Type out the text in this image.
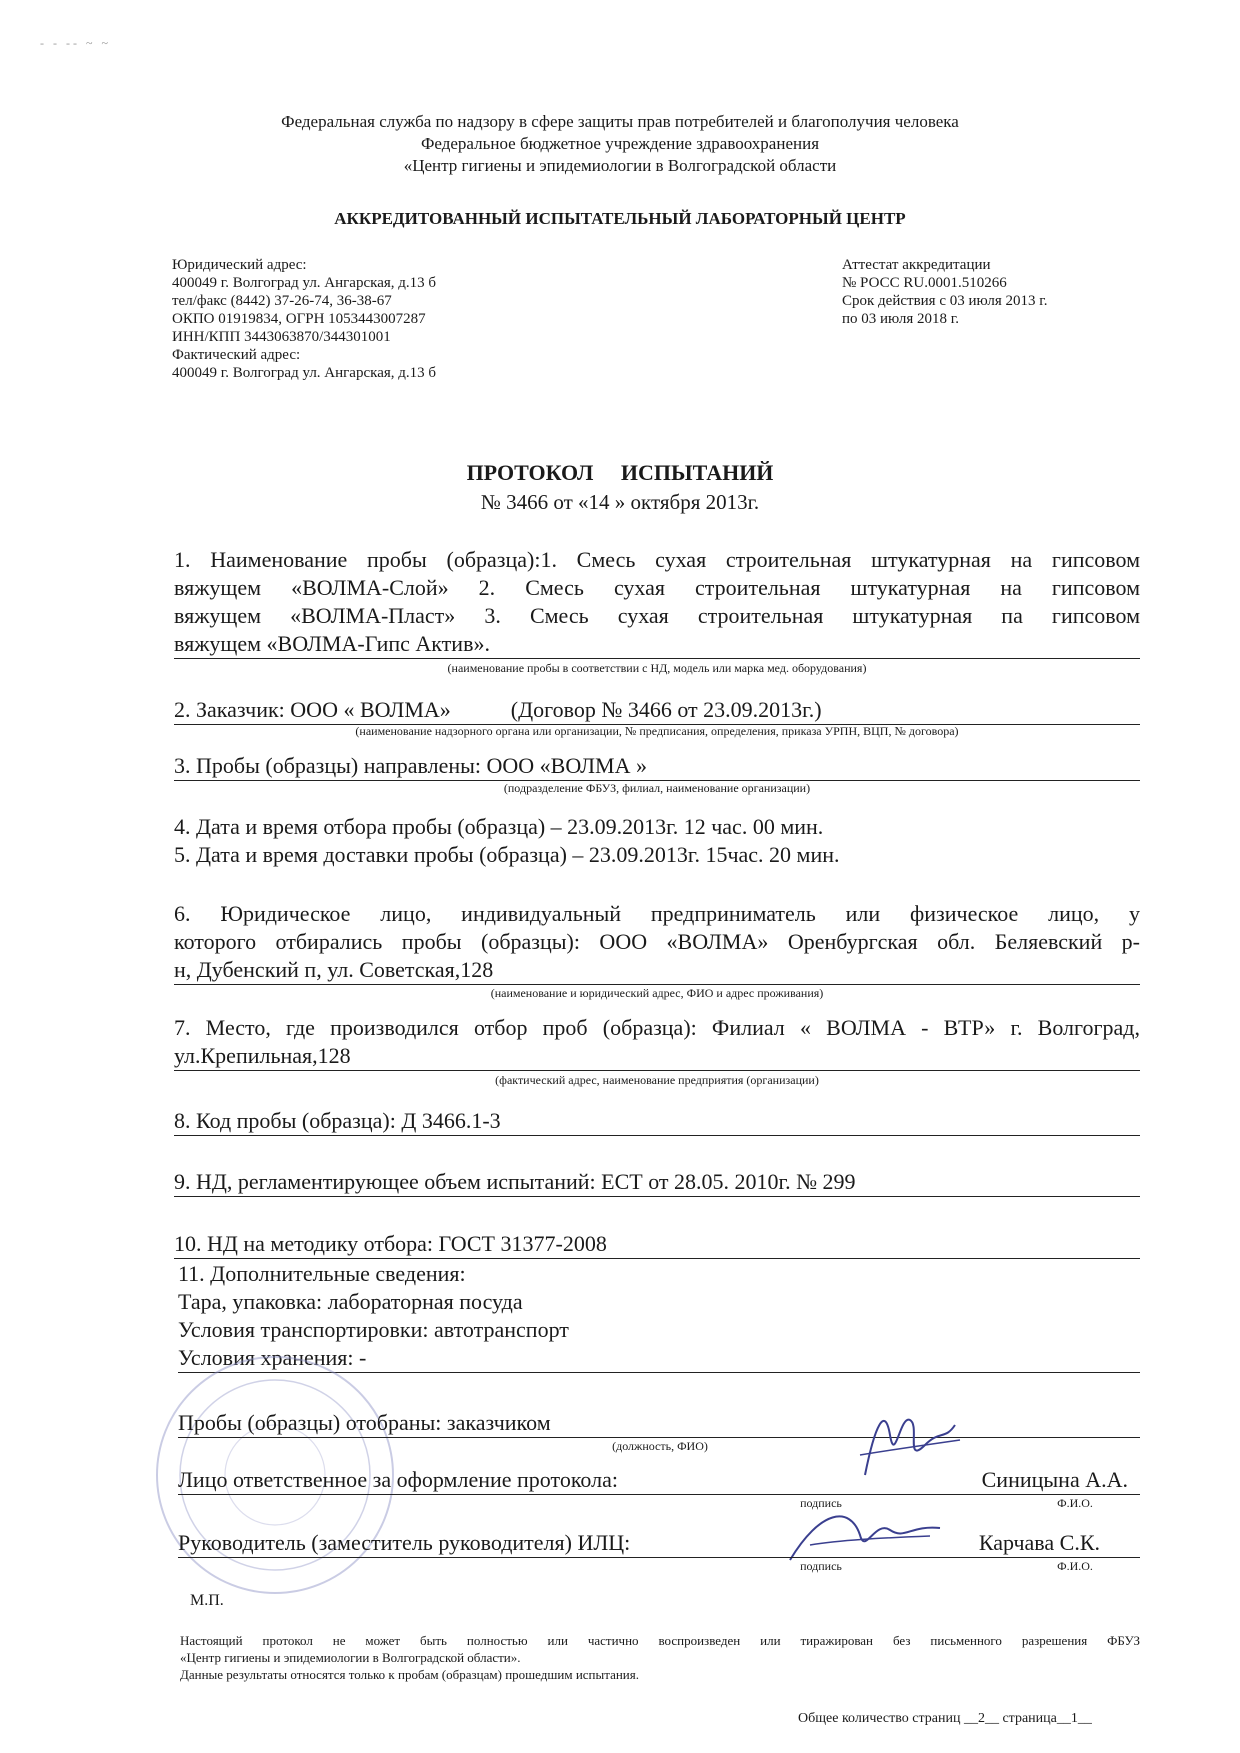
- - -- ~ ~
Федеральная служба по надзору в сфере защиты прав потребителей и благополучия человека
Федеральное бюджетное учреждение здравоохранения
«Центр гигиены и эпидемиологии в Волгоградской области
АККРЕДИТОВАННЫЙ ИСПЫТАТЕЛЬНЫЙ ЛАБОРАТОРНЫЙ ЦЕНТР
Юридический адрес:
400049 г. Волгоград ул. Ангарская, д.13 б
тел/факс (8442) 37-26-74, 36-38-67
ОКПО 01919834, ОГРН 1053443007287
ИНН/КПП 3443063870/344301001
Фактический адрес:
400049 г. Волгоград ул. Ангарская, д.13 б
Аттестат аккредитации
№ РОСС RU.0001.510266
Срок действия с 03 июля 2013 г.
по 03 июля 2018 г.
ПРОТОКОЛ     ИСПЫТАНИЙ
№ 3466 от «14 » октября 2013г.
1. Наименование пробы (образца):1. Смесь сухая строительная штукатурная на гипсовом
вяжущем «ВОЛМА-Слой» 2. Смесь сухая строительная штукатурная на гипсовом
вяжущем «ВОЛМА-Пласт» 3. Смесь сухая строительная штукатурная па гипсовом
вяжущем «ВОЛМА-Гипс Актив».
(наименование пробы в соответствии с НД, модель или марка мед. оборудования)
2. Заказчик: ООО « ВОЛМА»	(Договор № 3466 от 23.09.2013г.)
(наименование надзорного органа или организации, № предписания, определения, приказа УРПН, ВЦП, № договора)
3. Пробы (образцы) направлены: ООО «ВОЛМА »
(подразделение ФБУЗ, филиал, наименование организации)
4. Дата и время отбора пробы (образца) – 23.09.2013г. 12 час. 00 мин.
5. Дата и время доставки пробы (образца) – 23.09.2013г. 15час. 20 мин.
6. Юридическое лицо, индивидуальный предприниматель или физическое лицо, у
которого отбирались пробы (образцы): ООО «ВОЛМА» Оренбургская обл. Беляевский р-
н, Дубенский п, ул. Советская,128
(наименование и юридический адрес, ФИО и адрес проживания)
7. Место, где производился отбор проб (образца): Филиал « ВОЛМА - ВТР» г. Волгоград,
ул.Крепильная,128
(фактический адрес, наименование предприятия (организации)
8. Код пробы (образца): Д 3466.1-3
9. НД, регламентирующее объем испытаний: ЕСТ от 28.05. 2010г. № 299
10. НД на методику отбора: ГОСТ 31377-2008
11. Дополнительные сведения:
Тара, упаковка: лабораторная посуда
Условия транспортировки: автотранспорт
Условия хранения: -
Пробы (образцы) отобраны: заказчиком
(должность, ФИО)
Лицо ответственное за оформление протокола:	Синицына А.А.
подпись	Ф.И.О.
Руководитель (заместитель руководителя) ИЛЦ:	Карчава С.К.
подпись	Ф.И.О.
М.П.
Настоящий протокол не может быть полностью или частично воспроизведен или тиражирован без письменного разрешения ФБУЗ
«Центр гигиены и эпидемиологии в Волгоградской области».
Данные результаты относятся только к пробам (образцам) прошедшим испытания.
Общее количество страниц __2__ страница__1__
